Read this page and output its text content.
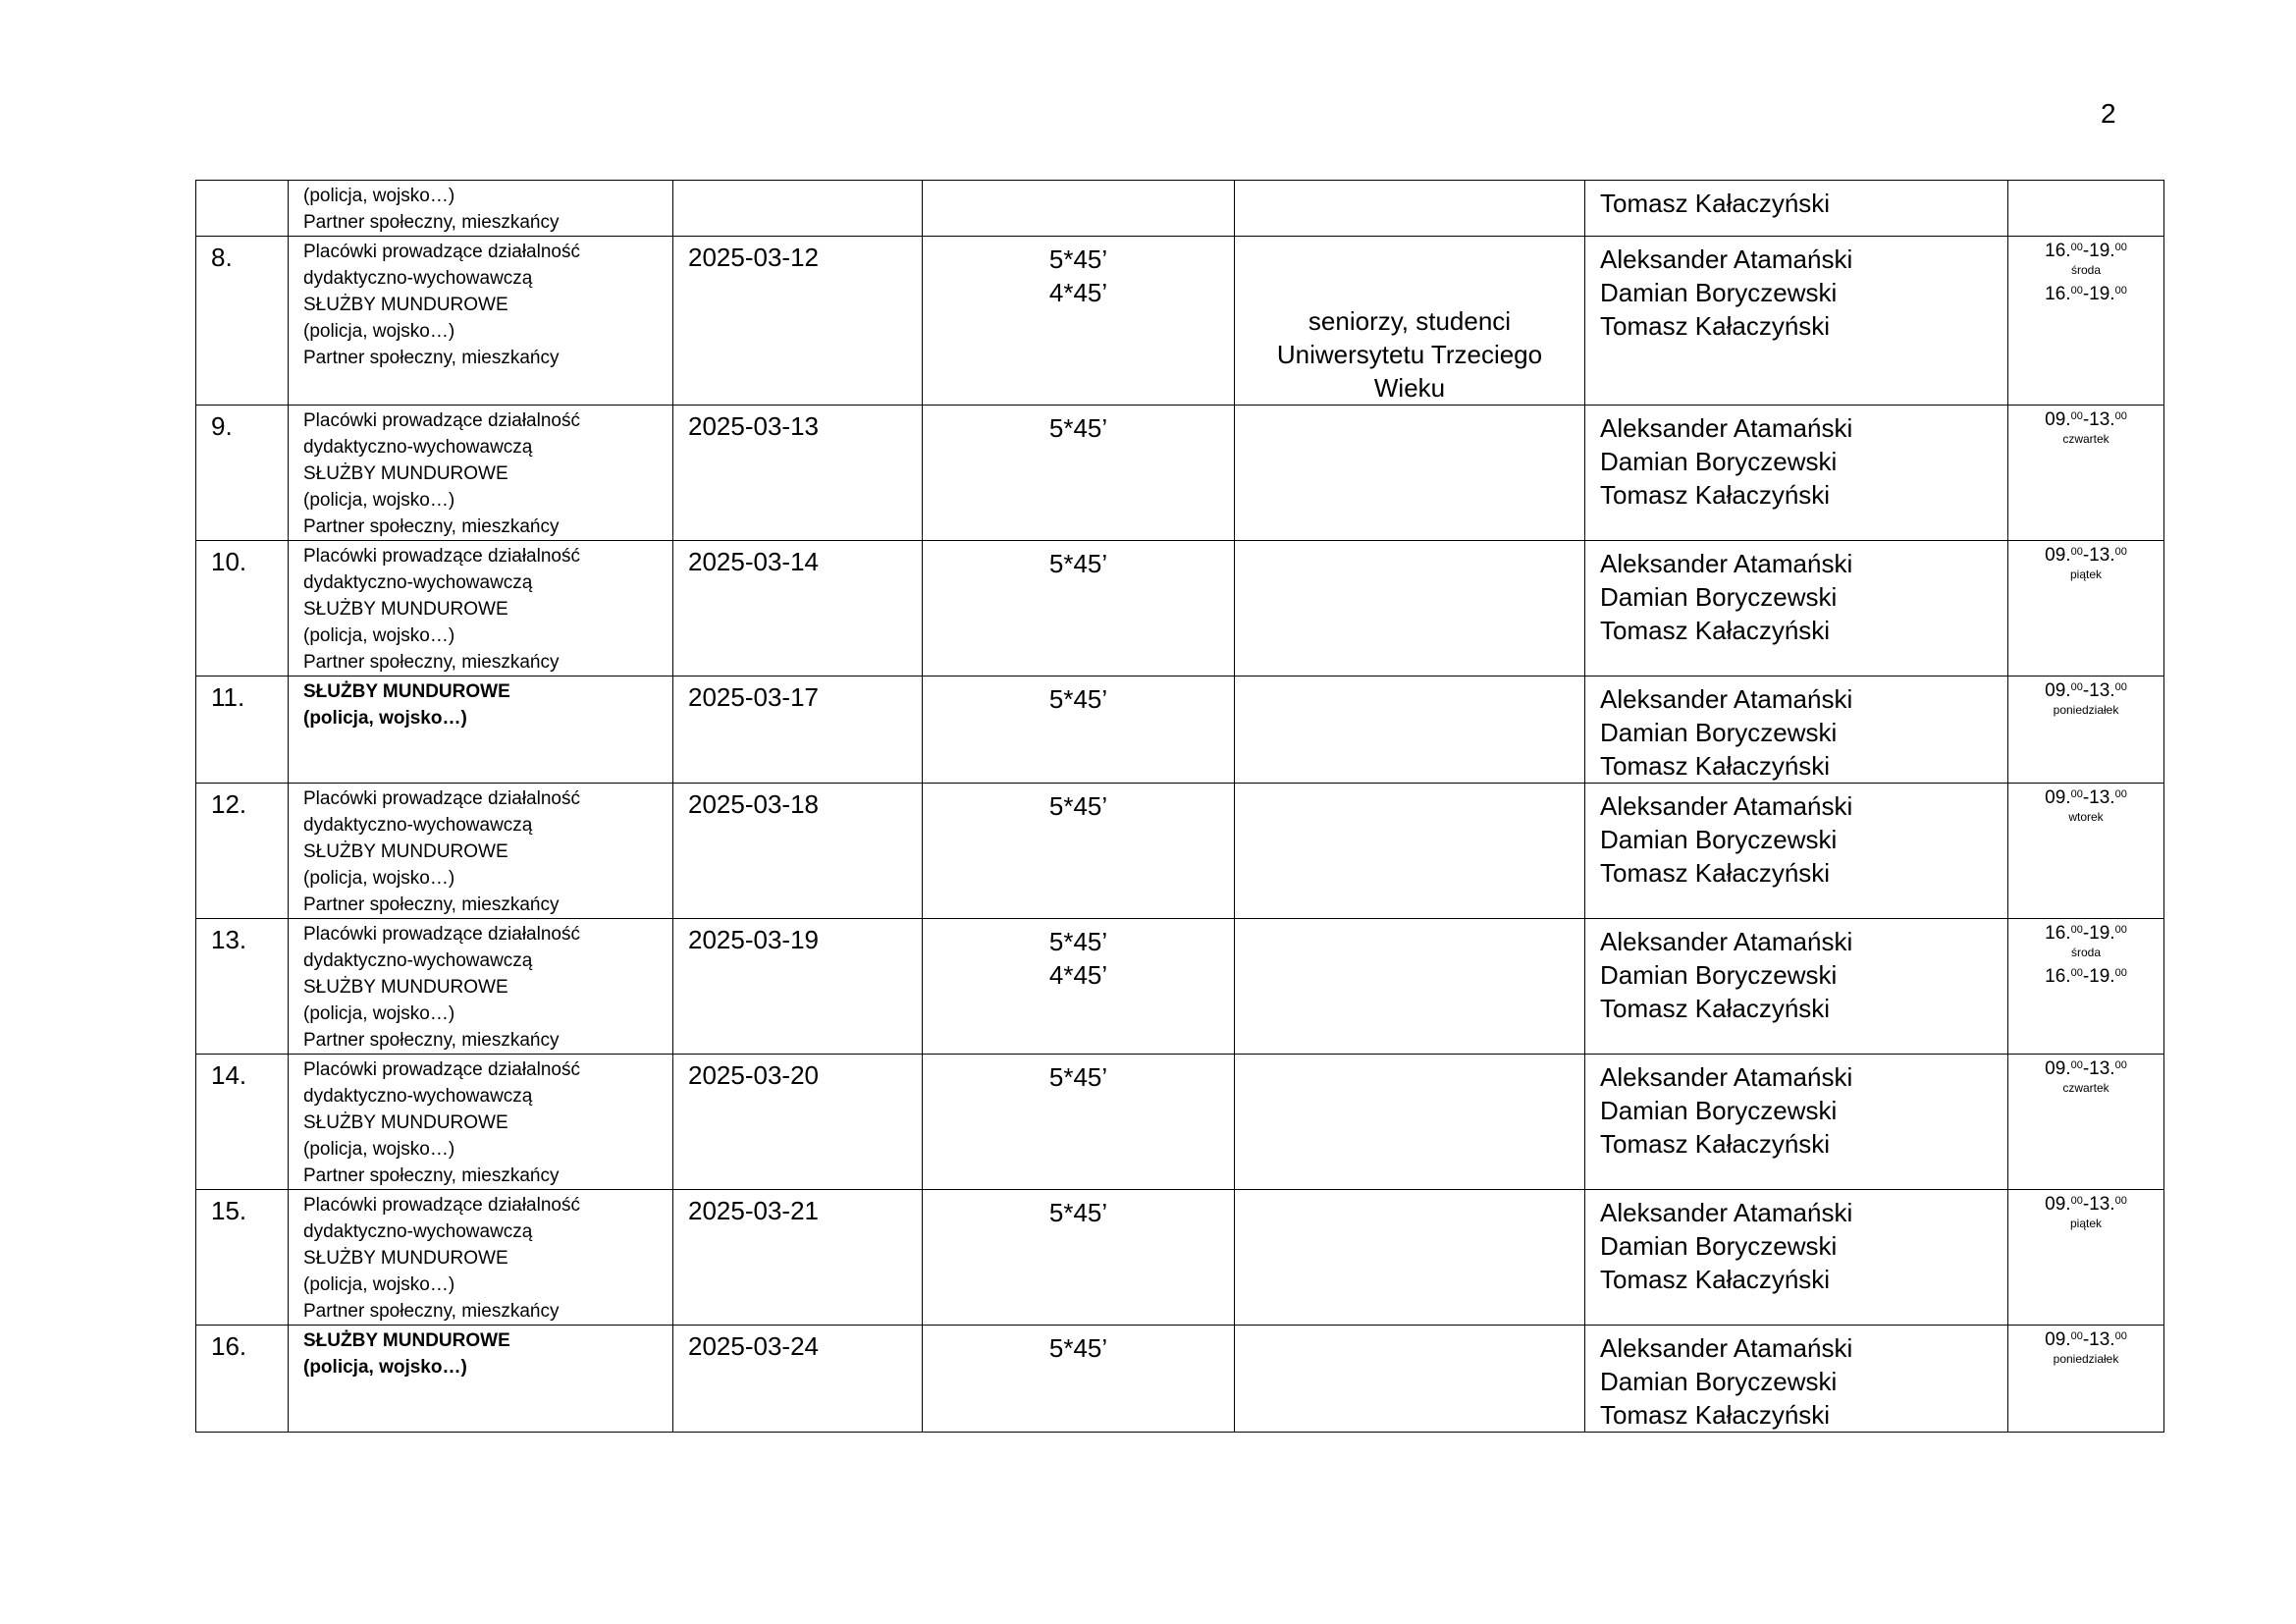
2

	(policja, wojsko…)
Partner społeczny, mieszkańcy				Tomasz Kałaczyński	

8.	Placówki prowadzące działalność
dydaktyczno-wychowawczą
SŁUŻBY MUNDUROWE
(policja, wojsko…)
Partner społeczny, mieszkańcy	2025-03-12	5*45’
4*45’	seniorzy, studenci
Uniwersytetu Trzeciego
Wieku	Aleksander Atamański
Damian Boryczewski
Tomasz Kałaczyński	16.00-19.00
środa
16.00-19.00

9.	Placówki prowadzące działalność
dydaktyczno-wychowawczą
SŁUŻBY MUNDUROWE
(policja, wojsko…)
Partner społeczny, mieszkańcy	2025-03-13	5*45’		Aleksander Atamański
Damian Boryczewski
Tomasz Kałaczyński	09.00-13.00
czwartek

10.	Placówki prowadzące działalność
dydaktyczno-wychowawczą
SŁUŻBY MUNDUROWE
(policja, wojsko…)
Partner społeczny, mieszkańcy	2025-03-14	5*45’		Aleksander Atamański
Damian Boryczewski
Tomasz Kałaczyński	09.00-13.00
piątek

11.	SŁUŻBY MUNDUROWE
(policja, wojsko…)	2025-03-17	5*45’		Aleksander Atamański
Damian Boryczewski
Tomasz Kałaczyński	09.00-13.00
poniedziałek

12.	Placówki prowadzące działalność
dydaktyczno-wychowawczą
SŁUŻBY MUNDUROWE
(policja, wojsko…)
Partner społeczny, mieszkańcy	2025-03-18	5*45’		Aleksander Atamański
Damian Boryczewski
Tomasz Kałaczyński	09.00-13.00
wtorek

13.	Placówki prowadzące działalność
dydaktyczno-wychowawczą
SŁUŻBY MUNDUROWE
(policja, wojsko…)
Partner społeczny, mieszkańcy	2025-03-19	5*45’
4*45’		Aleksander Atamański
Damian Boryczewski
Tomasz Kałaczyński	16.00-19.00
środa
16.00-19.00

14.	Placówki prowadzące działalność
dydaktyczno-wychowawczą
SŁUŻBY MUNDUROWE
(policja, wojsko…)
Partner społeczny, mieszkańcy	2025-03-20	5*45’		Aleksander Atamański
Damian Boryczewski
Tomasz Kałaczyński	09.00-13.00
czwartek

15.	Placówki prowadzące działalność
dydaktyczno-wychowawczą
SŁUŻBY MUNDUROWE
(policja, wojsko…)
Partner społeczny, mieszkańcy	2025-03-21	5*45’		Aleksander Atamański
Damian Boryczewski
Tomasz Kałaczyński	09.00-13.00
piątek

16.	SŁUŻBY MUNDUROWE
(policja, wojsko…)	2025-03-24	5*45’		Aleksander Atamański
Damian Boryczewski
Tomasz Kałaczyński	09.00-13.00
poniedziałek
